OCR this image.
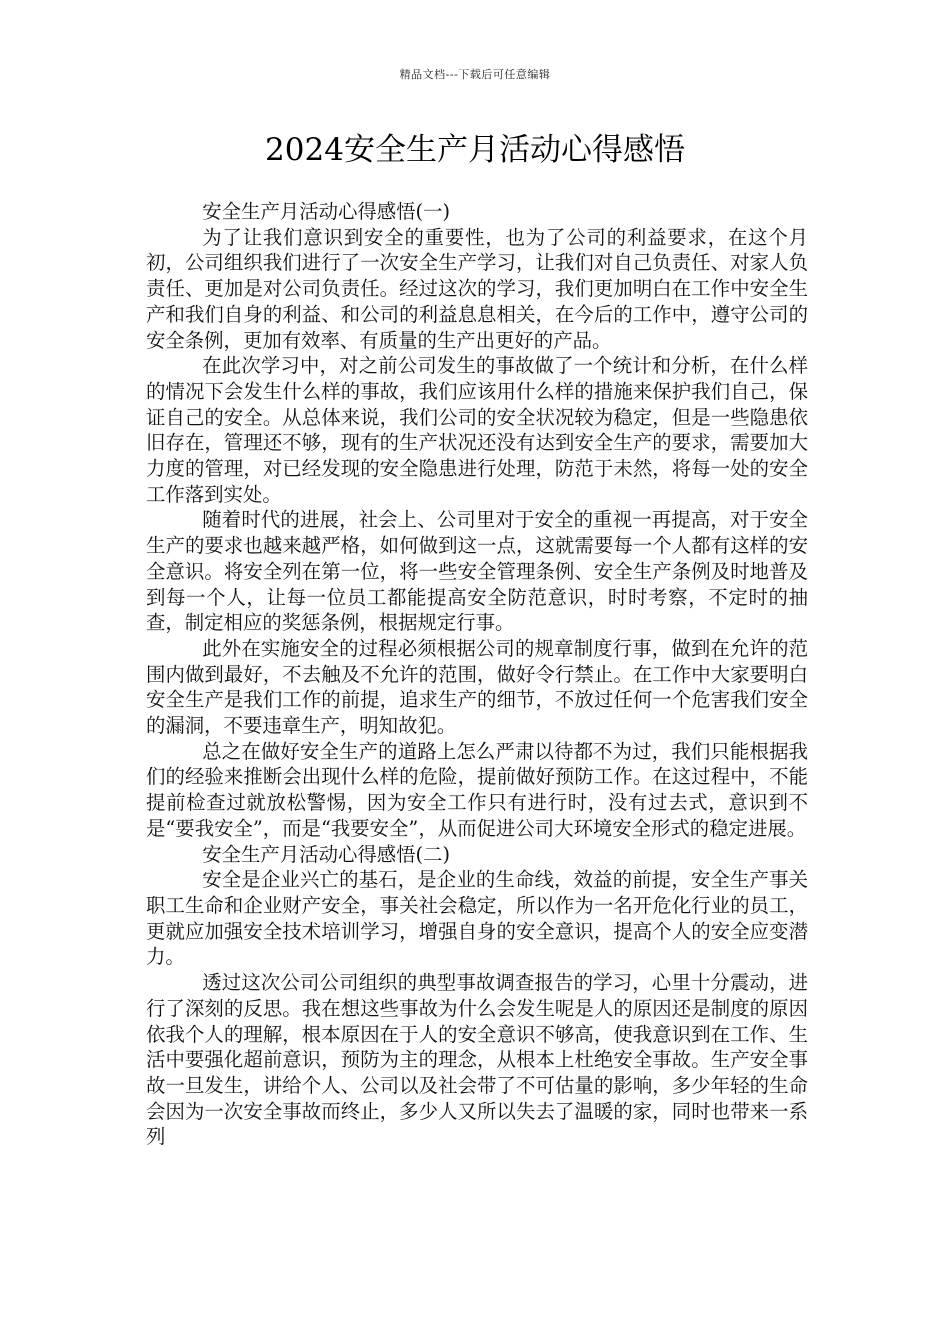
精品文档---下载后可任意编辑
2024安全生产月活动心得感悟

安全生产月活动心得感悟(一)

为了让我们意识到安全的重要性，也为了公司的利益要求，在这个月初，公司组织我们进行了一次安全生产学习，让我们对自己负责任、对家人负责任、更加是对公司负责任。经过这次的学习，我们更加明白在工作中安全生产和我们自身的利益、和公司的利益息息相关，在今后的工作中，遵守公司的安全条例，更加有效率、有质量的生产出更好的产品。

在此次学习中，对之前公司发生的事故做了一个统计和分析，在什么样的情况下会发生什么样的事故，我们应该用什么样的措施来保护我们自己，保证自己的安全。从总体来说，我们公司的安全状况较为稳定，但是一些隐患依旧存在，管理还不够，现有的生产状况还没有达到安全生产的要求，需要加大力度的管理，对已经发现的安全隐患进行处理，防范于未然，将每一处的安全工作落到实处。

随着时代的进展，社会上、公司里对于安全的重视一再提高，对于安全生产的要求也越来越严格，如何做到这一点，这就需要每一个人都有这样的安全意识。将安全列在第一位，将一些安全管理条例、安全生产条例及时地普及到每一个人，让每一位员工都能提高安全防范意识，时时考察，不定时的抽查，制定相应的奖惩条例，根据规定行事。

此外在实施安全的过程必须根据公司的规章制度行事，做到在允许的范围内做到最好，不去触及不允许的范围，做好令行禁止。在工作中大家要明白安全生产是我们工作的前提，追求生产的细节，不放过任何一个危害我们安全的漏洞，不要违章生产，明知故犯。

总之在做好安全生产的道路上怎么严肃以待都不为过，我们只能根据我们的经验来推断会出现什么样的危险，提前做好预防工作。在这过程中，不能提前检查过就放松警惕，因为安全工作只有进行时，没有过去式，意识到不是“要我安全”，而是“我要安全”，从而促进公司大环境安全形式的稳定进展。

安全生产月活动心得感悟(二)

安全是企业兴亡的基石，是企业的生命线，效益的前提，安全生产事关职工生命和企业财产安全，事关社会稳定，所以作为一名开危化行业的员工，更就应加强安全技术培训学习，增强自身的安全意识，提高个人的安全应变潜力。

透过这次公司公司组织的典型事故调查报告的学习，心里十分震动，进行了深刻的反思。我在想这些事故为什么会发生呢是人的原因还是制度的原因依我个人的理解，根本原因在于人的安全意识不够高，使我意识到在工作、生活中要强化超前意识，预防为主的理念，从根本上杜绝安全事故。生产安全事故一旦发生，讲给个人、公司以及社会带了不可估量的影响，多少年轻的生命会因为一次安全事故而终止，多少人又所以失去了温暖的家，同时也带来一系列
